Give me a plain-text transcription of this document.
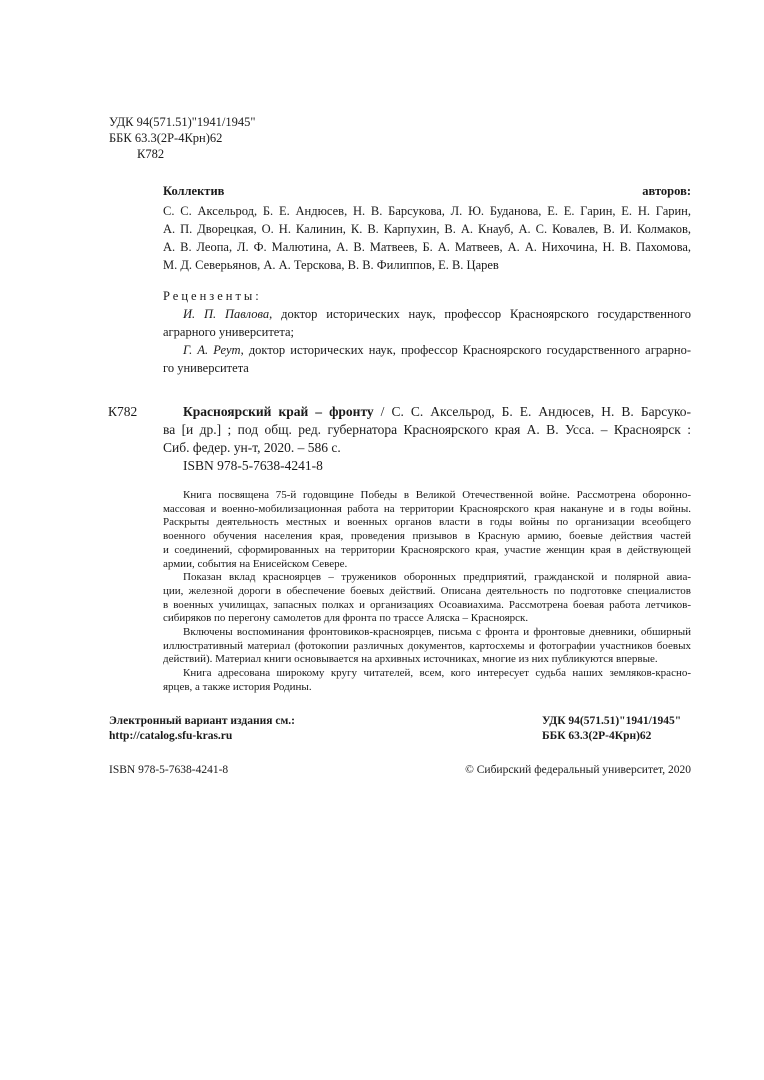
УДК 94(571.51)"1941/1945"
ББК 63.3(2Р-4Крн)62
К782
Коллектив авторов:
С. С. Аксельрод, Б. Е. Андюсев, Н. В. Барсукова, Л. Ю. Буданова, Е. Е. Гарин, Е. Н. Гарин,
А. П. Дворецкая, О. Н. Калинин, К. В. Карпухин, В. А. Кнауб, А. С. Ковалев, В. И. Колмаков,
А. В. Леопа, Л. Ф. Малютина, А. В. Матвеев, Б. А. Матвеев, А. А. Нихочина, Н. В. Пахомова,
М. Д. Северьянов, А. А. Терскова, В. В. Филиппов, Е. В. Царев
Рецензенты:
И. П. Павлова, доктор исторических наук, профессор Красноярского государственного
аграрного университета;
Г. А. Реут, доктор исторических наук, профессор Красноярского государственного аграрно-
го университета
К782	Красноярский край – фронту / С. С. Аксельрод, Б. Е. Андюсев, Н. В. Барсуко-
ва [и др.] ; под общ. ред. губернатора Красноярского края А. В. Усса. – Красноярск :
Сиб. федер. ун-т, 2020. – 586 с.
ISBN 978-5-7638-4241-8
Книга посвящена 75-й годовщине Победы в Великой Отечественной войне. Рассмотрена оборонно-
массовая и военно-мобилизационная работа на территории Красноярского края накануне и в годы войны.
Раскрыты деятельность местных и военных органов власти в годы войны по организации всеобщего
военного обучения населения края, проведения призывов в Красную армию, боевые действия частей
и соединений, сформированных на территории Красноярского края, участие женщин края в действующей
армии, события на Енисейском Севере.
Показан вклад красноярцев – тружеников оборонных предприятий, гражданской и полярной авиа-
ции, железной дороги в обеспечение боевых действий. Описана деятельность по подготовке специалистов
в военных училищах, запасных полках и организациях Осоавиахима. Рассмотрена боевая работа летчиков-
сибиряков по перегону самолетов для фронта по трассе Аляска – Красноярск.
Включены воспоминания фронтовиков-красноярцев, письма с фронта и фронтовые дневники, обширный
иллюстративный материал (фотокопии различных документов, картосхемы и фотографии участников боевых
действий). Материал книги основывается на архивных источниках, многие из них публикуются впервые.
Книга адресована широкому кругу читателей, всем, кого интересует судьба наших земляков-красно-
ярцев, а также история Родины.
Электронный вариант издания см.:
http://catalog.sfu-kras.ru
УДК 94(571.51)"1941/1945"
ББК 63.3(2Р-4Крн)62
ISBN 978-5-7638-4241-8	© Сибирский федеральный университет, 2020
